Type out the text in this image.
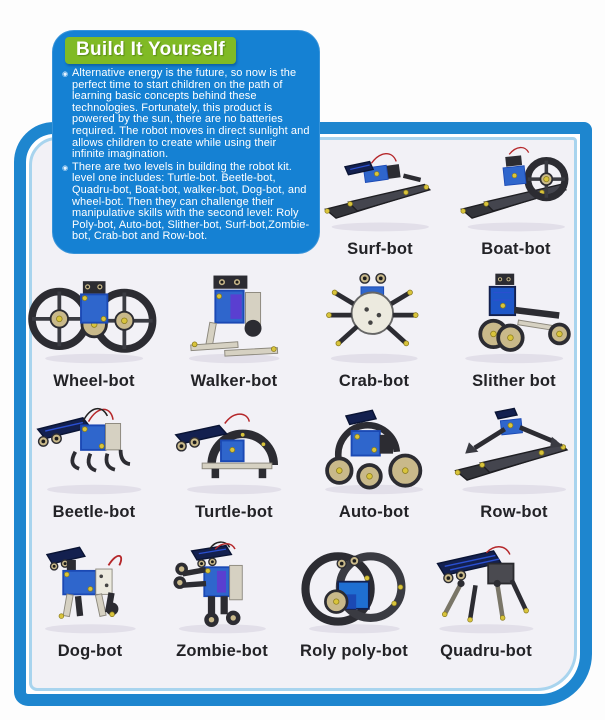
Build It Yourself

◉ Alternative energy is the future, so now is the perfect time to start children on the path of learning basic concepts behind these technologies. Fortunately, this product is powered by the sun, there are no batteries required. The robot moves in direct sunlight and allows children to create while using their infinite imagination.

◉ There are two levels in building the robot kit. level one includes: Turtle-bot. Beetle-bot, Quadru-bot, Boat-bot, walker-bot, Dog-bot, and wheel-bot. Then they can challenge their manipulative skills with the second level: Roly Poly-bot, Auto-bot, Slither-bot, Surf-bot,Zombie-bot, Crab-bot and Row-bot.

Surf-bot	Boat-bot
Wheel-bot	Walker-bot	Crab-bot	Slither bot
Beetle-bot	Turtle-bot	Auto-bot	Row-bot
Dog-bot	Zombie-bot Roly poly-bot Quadru-bot
